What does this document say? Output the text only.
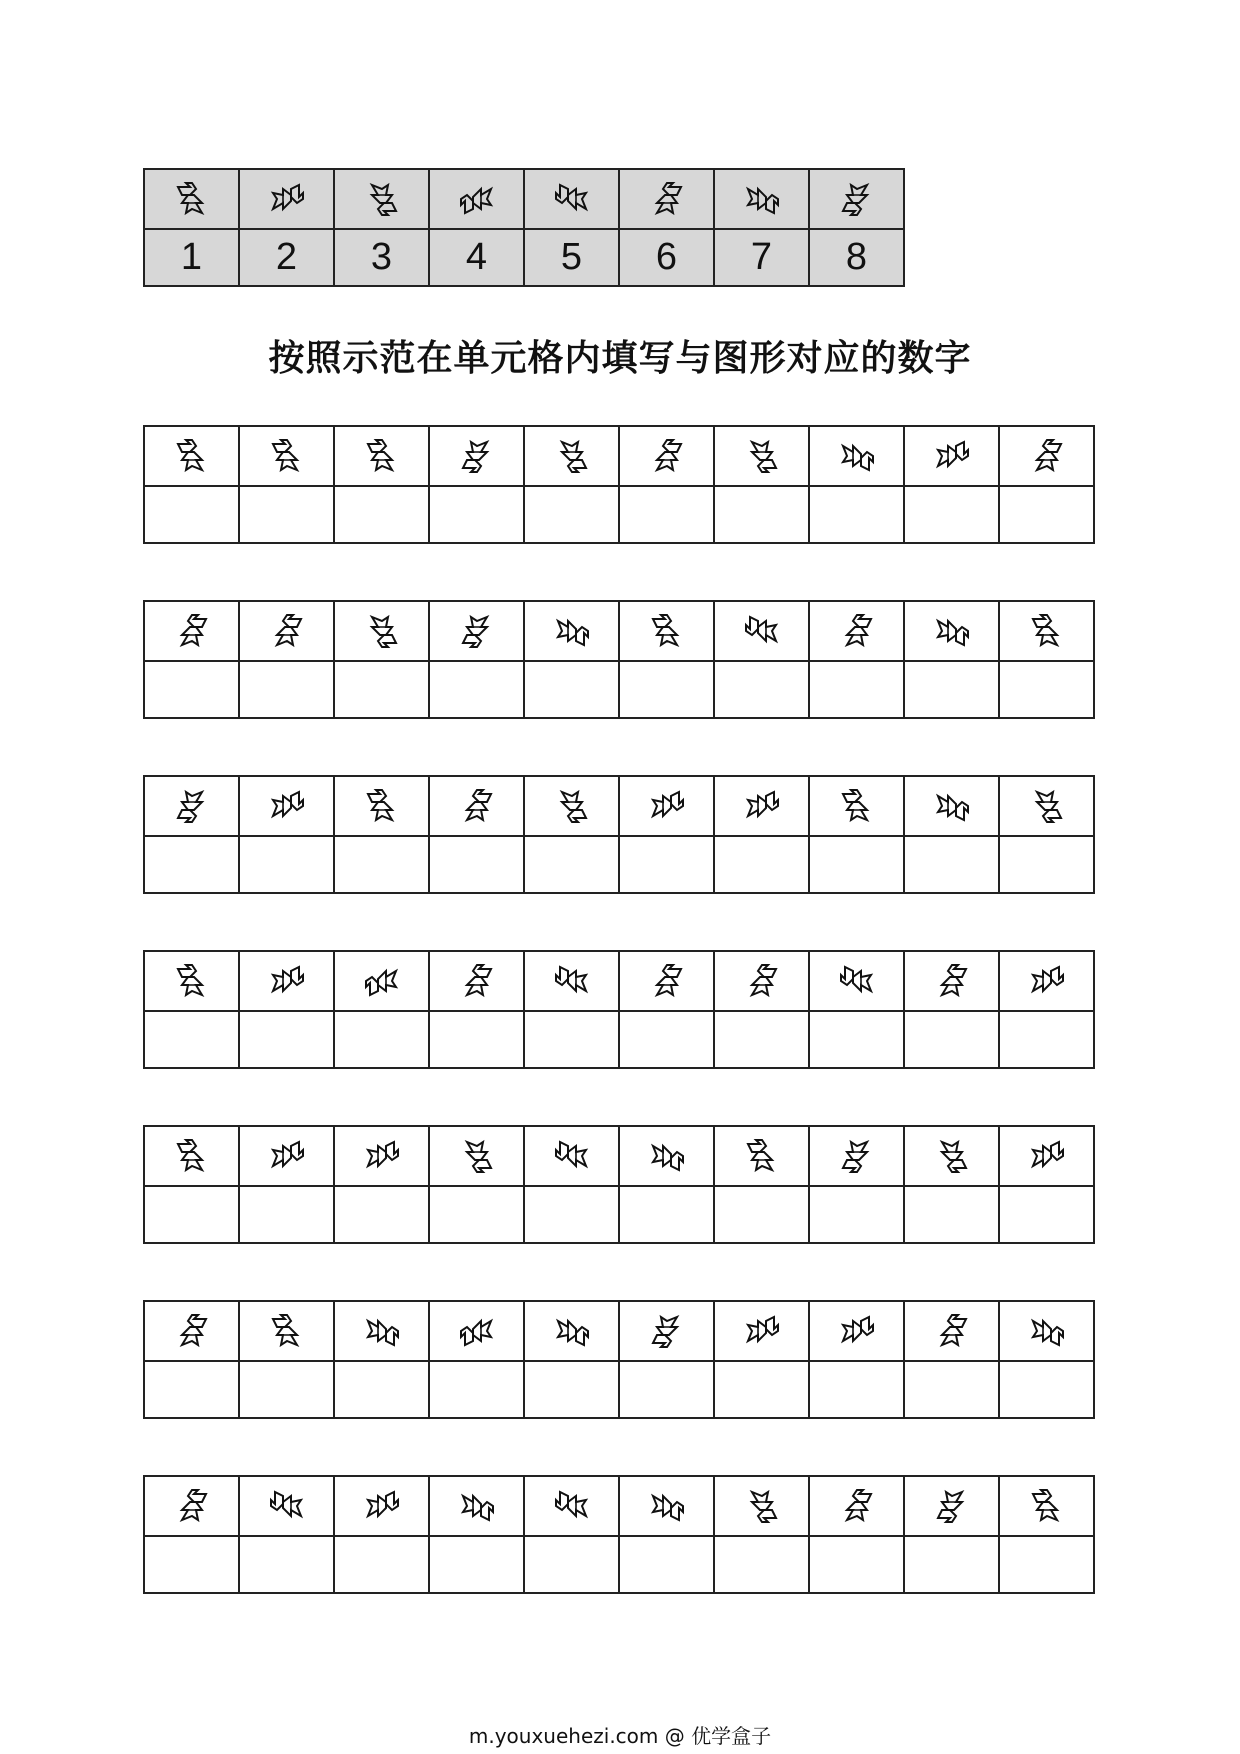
1	2	3	4	5	6	7	8
按照示范在单元格内填写与图形对应的数字

m.youxuehezi.com @ 优学盒子
